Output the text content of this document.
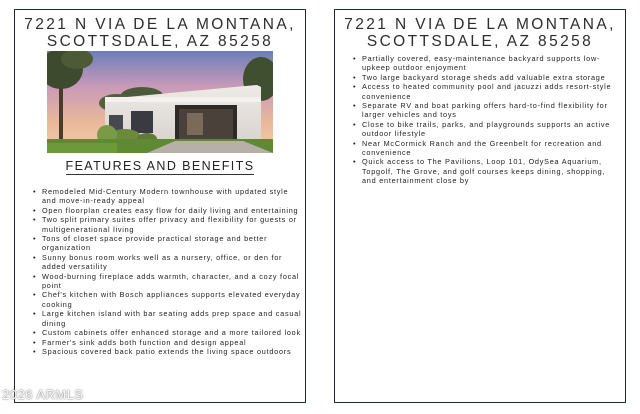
7221 N VIA DE LA MONTANA,
SCOTTSDALE, AZ 85258
FEATURES AND BENEFITS
• Remodeled Mid-Century Modern townhouse with updated style and move-in-ready appeal
• Open floorplan creates easy flow for daily living and entertaining
• Two split primary suites offer privacy and flexibility for guests or multigenerational living
• Tons of closet space provide practical storage and better organization
• Sunny bonus room works well as a nursery, office, or den for added versatility
• Wood-burning fireplace adds warmth, character, and a cozy focal point
• Chef's kitchen with Bosch appliances supports elevated everyday cooking
• Large kitchen island with bar seating adds prep space and casual dining
• Custom cabinets offer enhanced storage and a more tailored look
• Farmer's sink adds both function and design appeal
• Spacious covered back patio extends the living space outdoors
7221 N VIA DE LA MONTANA,
SCOTTSDALE, AZ 85258
• Partially covered, easy-maintenance backyard supports low-upkeep outdoor enjoyment
• Two large backyard storage sheds add valuable extra storage
• Access to heated community pool and jacuzzi adds resort-style convenience
• Separate RV and boat parking offers hard-to-find flexibility for larger vehicles and toys
• Close to bike trails, parks, and playgrounds supports an active outdoor lifestyle
• Near McCormick Ranch and the Greenbelt for recreation and convenience
• Quick access to The Pavilions, Loop 101, OdySea Aquarium, Topgolf, The Grove, and golf courses keeps dining, shopping, and entertainment close by
2026 ARMLS
